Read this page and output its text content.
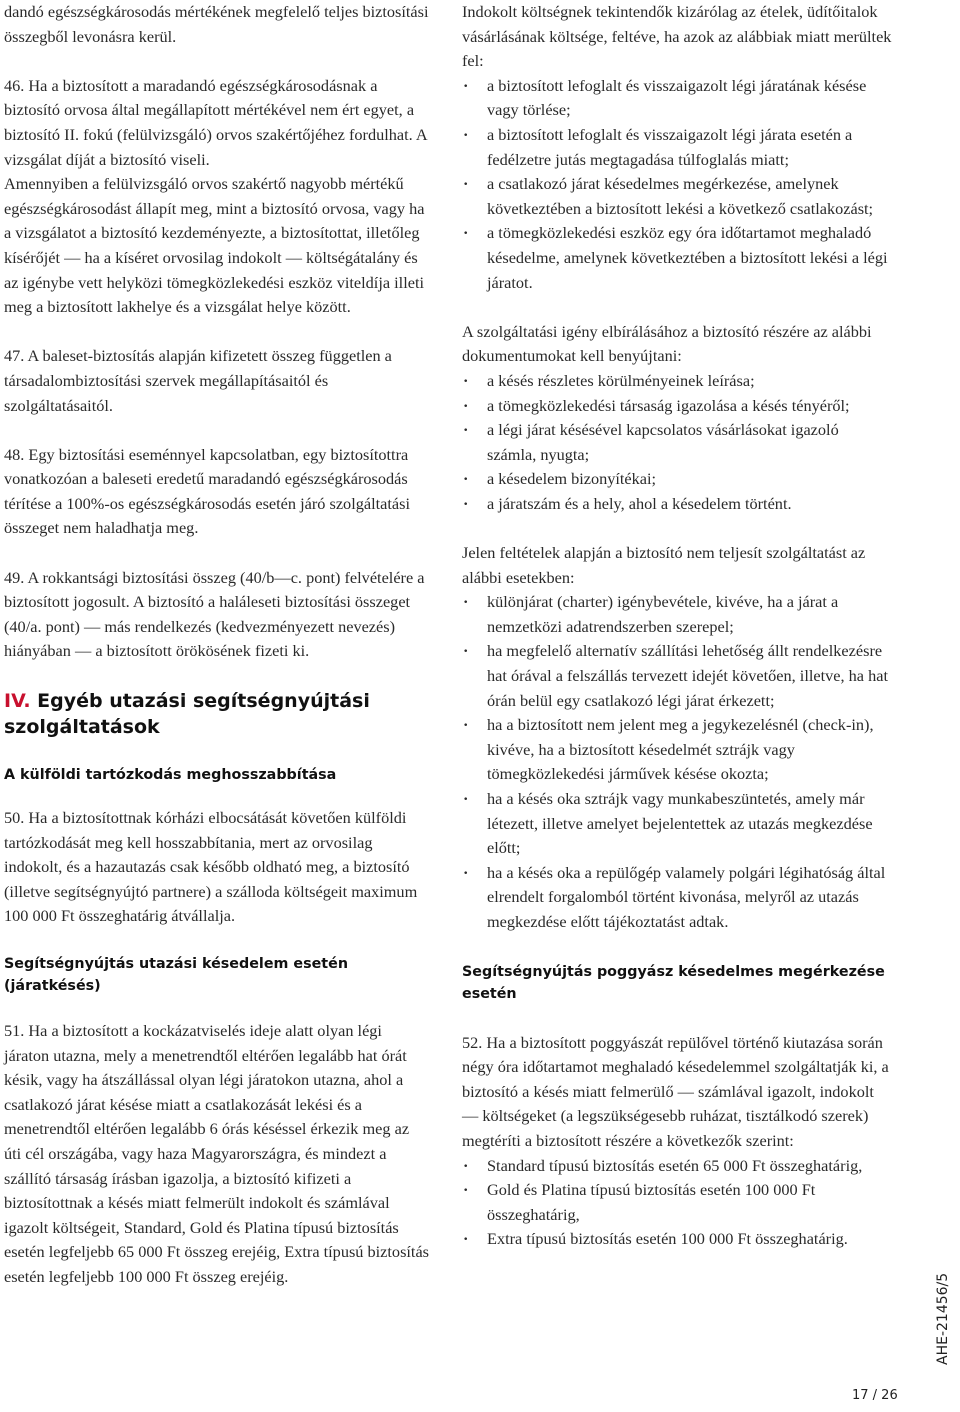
dandó egészségkárosodás mértékének megfelelő teljes biztosítási összegből levonásra kerül.

46. Ha a biztosított a maradandó egészségkárosodásnak a biztosító orvosa által megállapított mértékével nem ért egyet, a biztosító II. fokú (felülvizsgáló) orvos szakértőjéhez fordulhat. A vizsgálat díját a biztosító viseli.

Amennyiben a felülvizsgáló orvos szakértő nagyobb mértékű egészségkárosodást állapít meg, mint a biztosító orvosa, vagy ha a vizsgálatot a biztosító kezdeményezte, a biztosítottat, illetőleg kísérőjét — ha a kíséret orvosilag indokolt — költségátalány és az igénybe vett helyközi tömegközlekedési eszköz viteldíja illeti meg a biztosított lakhelye és a vizsgálat helye között.

47. A baleset-biztosítás alapján kifizetett összeg független a társadalombiztosítási szervek megállapításaitól és szolgáltatásaitól.

48. Egy biztosítási eseménnyel kapcsolatban, egy biztosítottra vonatkozóan a baleseti eredetű maradandó egészségkárosodás térítése a 100%-os egészségkárosodás esetén járó szolgáltatási összeget nem haladhatja meg.

49. A rokkantsági biztosítási összeg (40/b—c. pont) felvételére a biztosított jogosult. A biztosító a haláleseti biztosítási összeget (40/a. pont) — más rendelkezés (kedvezményezett nevezés) hiányában — a biztosított örökösének fizeti ki.

IV. Egyéb utazási segítségnyújtási szolgáltatások
A külföldi tartózkodás meghosszabbítása

50. Ha a biztosítottnak kórházi elbocsátását követően külföldi tartózkodását meg kell hosszabbítania, mert az orvosilag indokolt, és a hazautazás csak később oldható meg, a biztosító (illetve segítségnyújtó partnere) a szálloda költségeit maximum 100 000 Ft összeghatárig átvállalja.

Segítségnyújtás utazási késedelem esetén (járatkésés)

51. Ha a biztosított a kockázatviselés ideje alatt olyan légi járaton utazna, mely a menetrendtől eltérően legalább hat órát késik, vagy ha átszállással olyan légi járatokon utazna, ahol a csatlakozó járat késése miatt a csatlakozását lekési és a menetrendtől eltérően legalább 6 órás késéssel érkezik meg az úti cél országába, vagy haza Magyarországra, és mindezt a szállító társaság írásban igazolja, a biztosító kifizeti a biztosítottnak a késés miatt felmerült indokolt és számlával igazolt költségeit, Standard, Gold és Platina típusú biztosítás esetén legfeljebb 65 000 Ft összeg erejéig, Extra típusú biztosítás esetén legfeljebb 100 000 Ft összeg erejéig.

Indokolt költségnek tekintendők kizárólag az ételek, üdítőitalok vásárlásának költsége, feltéve, ha azok az alábbiak miatt merültek fel:

· a biztosított lefoglalt és visszaigazolt légi járatának késése vagy törlése;
· a biztosított lefoglalt és visszaigazolt légi járata esetén a fedélzetre jutás megtagadása túlfoglalás miatt;
· a csatlakozó járat késedelmes megérkezése, amelynek következtében a biztosított lekési a következő csatlakozást;
· a tömegközlekedési eszköz egy óra időtartamot meghaladó késedelme, amelynek következtében a biztosított lekési a légi járatot.

A szolgáltatási igény elbírálásához a biztosító részére az alábbi dokumentumokat kell benyújtani:

· a késés részletes körülményeinek leírása;
· a tömegközlekedési társaság igazolása a késés tényéről;
· a légi járat késésével kapcsolatos vásárlásokat igazoló számla, nyugta;
· a késedelem bizonyítékai;
· a járatszám és a hely, ahol a késedelem történt.

Jelen feltételek alapján a biztosító nem teljesít szolgáltatást az alábbi esetekben:

· különjárat (charter) igénybevétele, kivéve, ha a járat a nemzetközi adatrendszerben szerepel;
· ha megfelelő alternatív szállítási lehetőség állt rendelkezésre hat órával a felszállás tervezett idejét követően, illetve, ha hat órán belül egy csatlakozó légi járat érkezett;
· ha a biztosított nem jelent meg a jegykezelésnél (check-in), kivéve, ha a biztosított késedelmét sztrájk vagy tömegközlekedési járművek késése okozta;
· ha a késés oka sztrájk vagy munkabeszüntetés, amely már létezett, illetve amelyet bejelentettek az utazás megkezdése előtt;
· ha a késés oka a repülőgép valamely polgári légihatóság által elrendelt forgalomból történt kivonása, melyről az utazás megkezdése előtt tájékoztatást adtak.
Segítségnyújtás poggyász késedelmes megérkezése esetén

52. Ha a biztosított poggyászát repülővel történő kiutazása során négy óra időtartamot meghaladó késedelemmel szolgáltatják ki, a biztosító a késés miatt felmerülő — számlával igazolt, indokolt — költségeket (a legszükségesebb ruházat, tisztálkodó szerek) megtéríti a biztosított részére a következők szerint:

· Standard típusú biztosítás esetén 65 000 Ft összeghatárig,
· Gold és Platina típusú biztosítás esetén 100 000 Ft összeghatárig,
· Extra típusú biztosítás esetén 100 000 Ft összeghatárig.
AHE-21456/5
17 / 26
